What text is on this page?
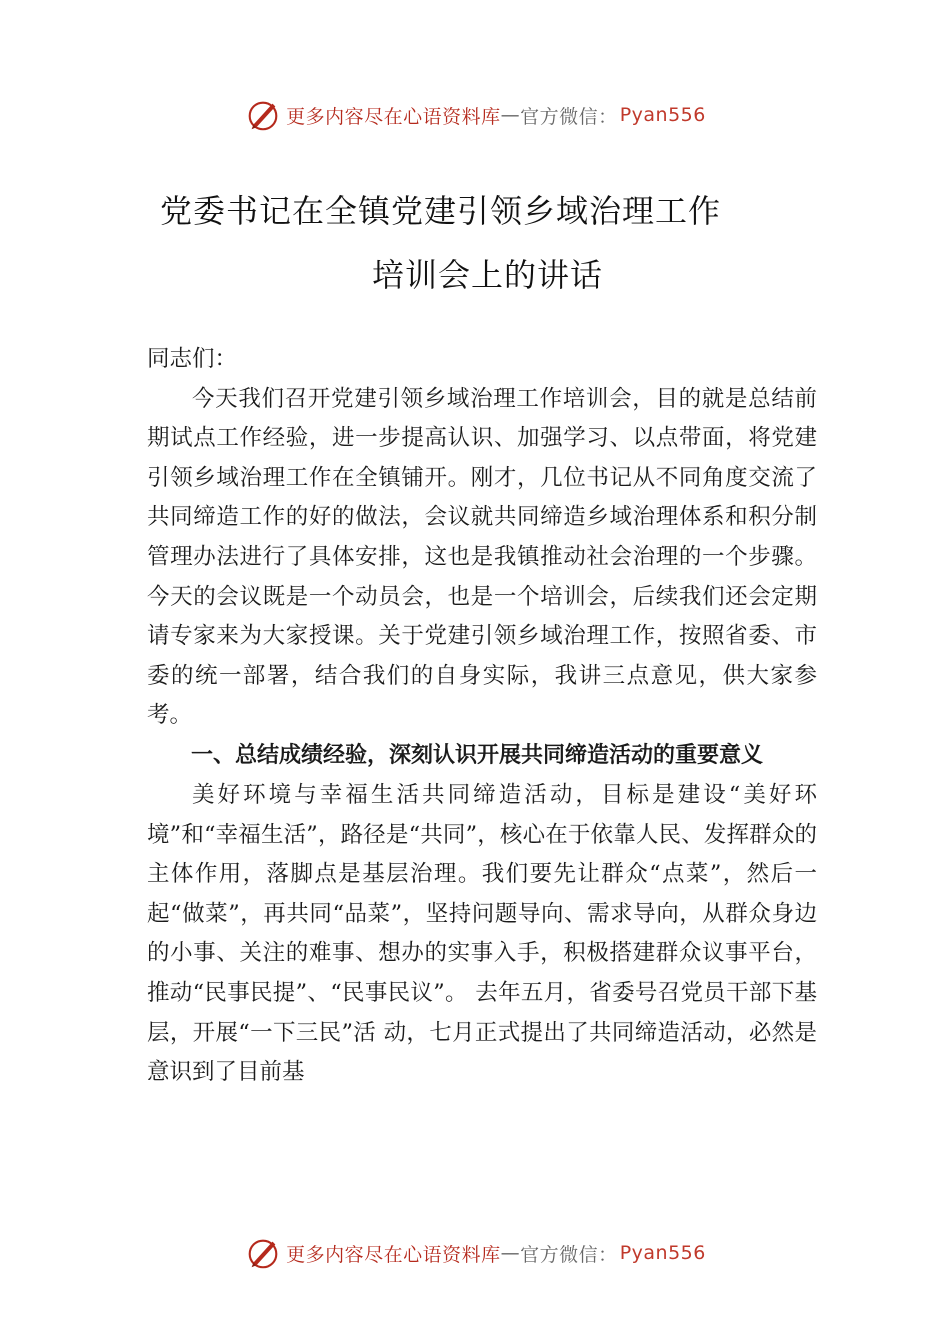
更多内容尽在心语资料库 — 官方微信： Pyan556
党委书记在全镇党建引领乡域治理工作
培训会上的讲话

同志们：

今天我们召开党建引领乡域治理工作培训会，目的就是总结前期试点工作经验，进一步提高认识、加强学习、以点带面，将党建引领乡域治理工作在全镇铺开。刚才，几位书记从不同角度交流了共同缔造工作的好的做法，会议就共同缔造乡域治理体系和积分制管理办法进行了具体安排，这也是我镇推动社会治理的一个步骤。今天的会议既是一个动员会，也是一个培训会，后续我们还会定期请专家来为大家授课。关于党建引领乡域治理工作，按照省委、市委的统一部署，结合我们的自身实际，我讲三点意见，供大家参考。

一、总结成绩经验，深刻认识开展共同缔造活动的重要意义

美好环境与幸福生活共同缔造活动，目标是建设“美好环境”和“幸福生活”，路径是“共同”，核心在于依靠人民、发挥群众的主体作用，落脚点是基层治理。我们要先让群众“点菜”，然后一起“做菜”，再共同“品菜”，坚持问题导向、需求导向，从群众身边的小事、关注的难事、想办的实事入手，积极搭建群众议事平台，推动“民事民提”、“民事民议”。 去年五月，省委号召党员干部下基层，开展“一下三民”活 动，七月正式提出了共同缔造活动，必然是意识到了目前基

更多内容尽在心语资料库 — 官方微信： Pyan556
